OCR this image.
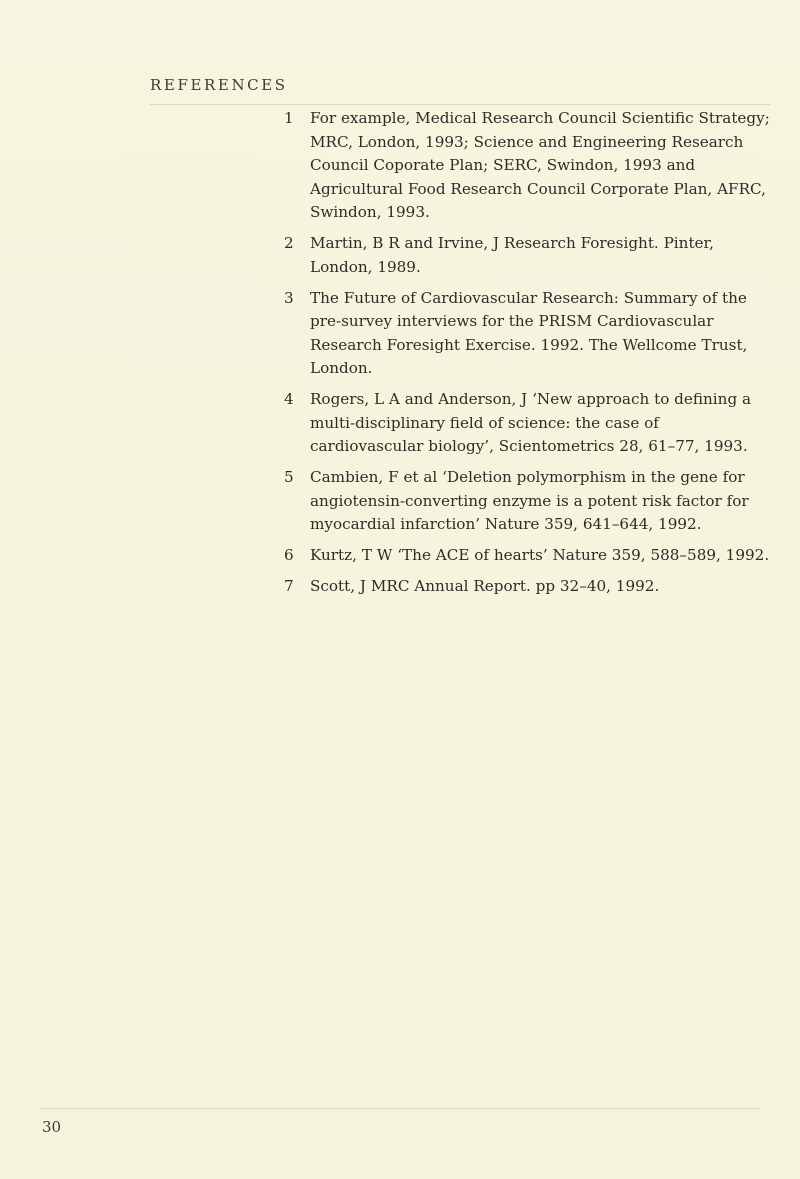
REFERENCES
1 For example, Medical Research Council Scientific Strategy; MRC, London, 1993; Science and Engineering Research Council Coporate Plan; SERC, Swindon, 1993 and Agricultural Food Research Council Corporate Plan, AFRC, Swindon, 1993.
2 Martin, B R and Irvine, J Research Foresight. Pinter, London, 1989.
3 The Future of Cardiovascular Research: Summary of the pre-survey interviews for the PRISM Cardiovascular Research Foresight Exercise. 1992. The Wellcome Trust, London.
4 Rogers, L A and Anderson, J ‘New approach to defining a multi-disciplinary field of science: the case of cardiovascular biology’, Scientometrics 28, 61–77, 1993.
5 Cambien, F et al ‘Deletion polymorphism in the gene for angiotensin-converting enzyme is a potent risk factor for myocardial infarction’ Nature 359, 641–644, 1992.
6 Kurtz, T W ‘The ACE of hearts’ Nature 359, 588–589, 1992.
7 Scott, J MRC Annual Report. pp 32–40, 1992.
30
